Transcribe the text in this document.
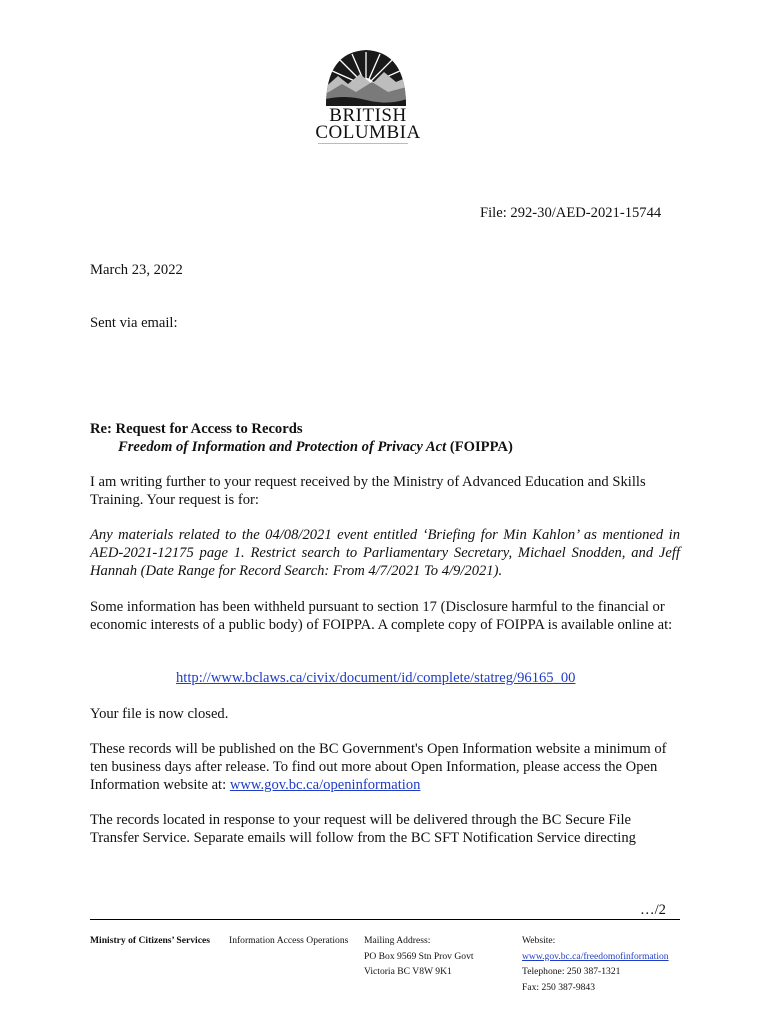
BRITISH
COLUMBIA
File: 292-30/AED-2021-15744
March 23, 2022
Sent via email:
Re: Request for Access to Records
Freedom of Information and Protection of Privacy Act (FOIPPA)
I am writing further to your request received by the Ministry of Advanced Education and Skills Training. Your request is for:
Any materials related to the 04/08/2021 event entitled ‘Briefing for Min Kahlon’ as mentioned in AED-2021-12175 page 1. Restrict search to Parliamentary Secretary, Michael Snodden, and Jeff Hannah (Date Range for Record Search: From 4/7/2021 To 4/9/2021).
Some information has been withheld pursuant to section 17 (Disclosure harmful to the financial or economic interests of a public body) of FOIPPA. A complete copy of FOIPPA is available online at:
http://www.bclaws.ca/civix/document/id/complete/statreg/96165_00
Your file is now closed.
These records will be published on the BC Government's Open Information website a minimum of ten business days after release. To find out more about Open Information, please access the Open Information website at: www.gov.bc.ca/openinformation
The records located in response to your request will be delivered through the BC Secure File Transfer Service. Separate emails will follow from the BC SFT Notification Service directing
…/2
Ministry of Citizens’ Services Information Access Operations Mailing Address:
PO Box 9569 Stn Prov Govt
Victoria BC V8W 9K1
Website:
www.gov.bc.ca/freedomofinformation
Telephone: 250 387-1321
Fax: 250 387-9843
